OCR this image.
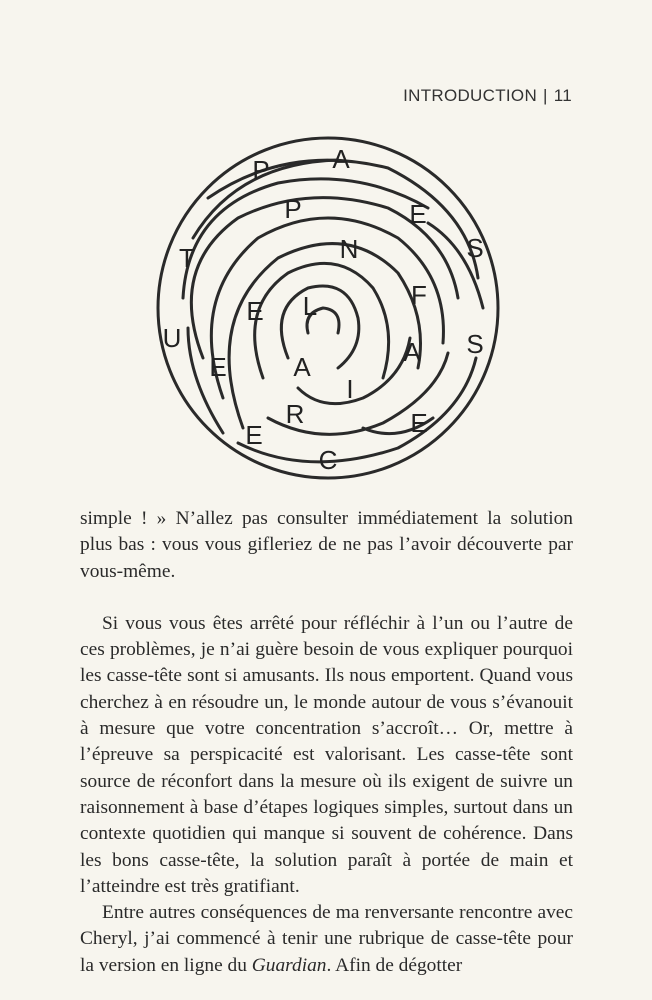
INTRODUCTION | 11
P A
P	E
S
T	N
F
E L
S
U	A
E	A
I
R	E
E
C

simple ! » N’allez pas consulter immédiatement la solution plus bas : vous vous gifleriez de ne pas l’avoir découverte par vous-même.

Si vous vous êtes arrêté pour réfléchir à l’un ou l’autre de ces problèmes, je n’ai guère besoin de vous expliquer pourquoi les casse-tête sont si amusants. Ils nous emportent. Quand vous cherchez à en résoudre un, le monde autour de vous s’évanouit à mesure que votre concentration s’accroît… Or, mettre à l’épreuve sa perspicacité est valorisant. Les casse-tête sont source de réconfort dans la mesure où ils exigent de suivre un raisonnement à base d’étapes logiques simples, surtout dans un contexte quotidien qui manque si souvent de cohérence. Dans les bons casse-tête, la solution paraît à portée de main et l’atteindre est très gratifiant.

Entre autres conséquences de ma renversante rencontre avec Cheryl, j’ai commencé à tenir une rubrique de casse-tête pour la version en ligne du Guardian. Afin de dégotter
